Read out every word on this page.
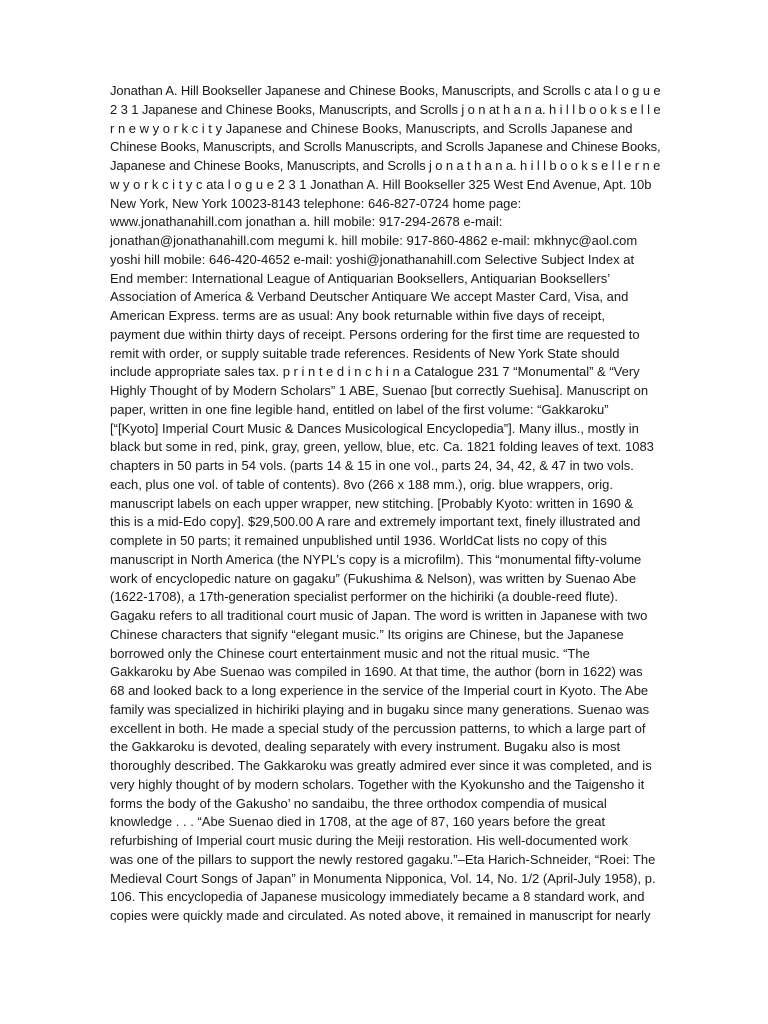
Jonathan A. Hill Bookseller Japanese and Chinese Books, Manuscripts, and Scrolls c ata l o g u e
2 3 1 Japanese and Chinese Books, Manuscripts, and Scrolls j o n at h a n a. h i l l b o o k s e l l e
r n e w y o r k c i t y Japanese and Chinese Books, Manuscripts, and Scrolls Japanese and
Chinese Books, Manuscripts, and Scrolls Manuscripts, and Scrolls Japanese and Chinese Books,
Japanese and Chinese Books, Manuscripts, and Scrolls j o n a t h a n a. h i l l b o o k s e l l e r n e
w y o r k c i t y c ata l o g u e 2 3 1 Jonathan A. Hill Bookseller 325 West End Avenue, Apt. 10b
New York, New York 10023-8143 telephone: 646-827-0724 home page:
www.jonathanahill.com jonathan a. hill mobile: 917-294-2678 e-mail:
jonathan@jonathanahill.com megumi k. hill mobile: 917-860-4862 e-mail: mkhnyc@aol.com
yoshi hill mobile: 646-420-4652 e-mail: yoshi@jonathanahill.com Selective Subject Index at
End member: International League of Antiquarian Booksellers, Antiquarian Booksellers’
Association of America & Verband Deutscher Antiquare We accept Master Card, Visa, and
American Express. terms are as usual: Any book returnable within five days of receipt,
payment due within thirty days of receipt. Persons ordering for the first time are requested to
remit with order, or supply suitable trade references. Residents of New York State should
include appropriate sales tax. p r i n t e d i n c h i n a Catalogue 231 7 “Monumental” & “Very
Highly Thought of by Modern Scholars” 1 ABE, Suenao [but correctly Suehisa]. Manuscript on
paper, written in one fine legible hand, entitled on label of the first volume: “Gakkaroku”
[“[Kyoto] Imperial Court Music & Dances Musicological Encyclopedia”]. Many illus., mostly in
black but some in red, pink, gray, green, yellow, blue, etc. Ca. 1821 folding leaves of text. 1083
chapters in 50 parts in 54 vols. (parts 14 & 15 in one vol., parts 24, 34, 42, & 47 in two vols.
each, plus one vol. of table of contents). 8vo (266 x 188 mm.), orig. blue wrappers, orig.
manuscript labels on each upper wrapper, new stitching. [Probably Kyoto: written in 1690 &
this is a mid-Edo copy]. $29,500.00 A rare and extremely important text, finely illustrated and
complete in 50 parts; it remained unpublished until 1936. WorldCat lists no copy of this
manuscript in North America (the NYPL’s copy is a microfilm). This “monumental fifty-volume
work of encyclopedic nature on gagaku” (Fukushima & Nelson), was written by Suenao Abe
(1622-1708), a 17th-generation specialist performer on the hichiriki (a double-reed flute).
Gagaku refers to all traditional court music of Japan. The word is written in Japanese with two
Chinese characters that signify “elegant music.” Its origins are Chinese, but the Japanese
borrowed only the Chinese court entertainment music and not the ritual music. “The
Gakkaroku by Abe Suenao was compiled in 1690. At that time, the author (born in 1622) was
68 and looked back to a long experience in the service of the Imperial court in Kyoto. The Abe
family was specialized in hichiriki playing and in bugaku since many generations. Suenao was
excellent in both. He made a special study of the percussion patterns, to which a large part of
the Gakkaroku is devoted, dealing separately with every instrument. Bugaku also is most
thoroughly described. The Gakkaroku was greatly admired ever since it was completed, and is
very highly thought of by modern scholars. Together with the Kyokunsho and the Taigensho it
forms the body of the Gakusho’ no sandaibu, the three orthodox compendia of musical
knowledge . . . “Abe Suenao died in 1708, at the age of 87, 160 years before the great
refurbishing of Imperial court music during the Meiji restoration. His well-documented work
was one of the pillars to support the newly restored gagaku.”–Eta Harich-Schneider, “Roei: The
Medieval Court Songs of Japan” in Monumenta Nipponica, Vol. 14, No. 1/2 (April-July 1958), p.
106. This encyclopedia of Japanese musicology immediately became a 8 standard work, and
copies were quickly made and circulated. As noted above, it remained in manuscript for nearly
